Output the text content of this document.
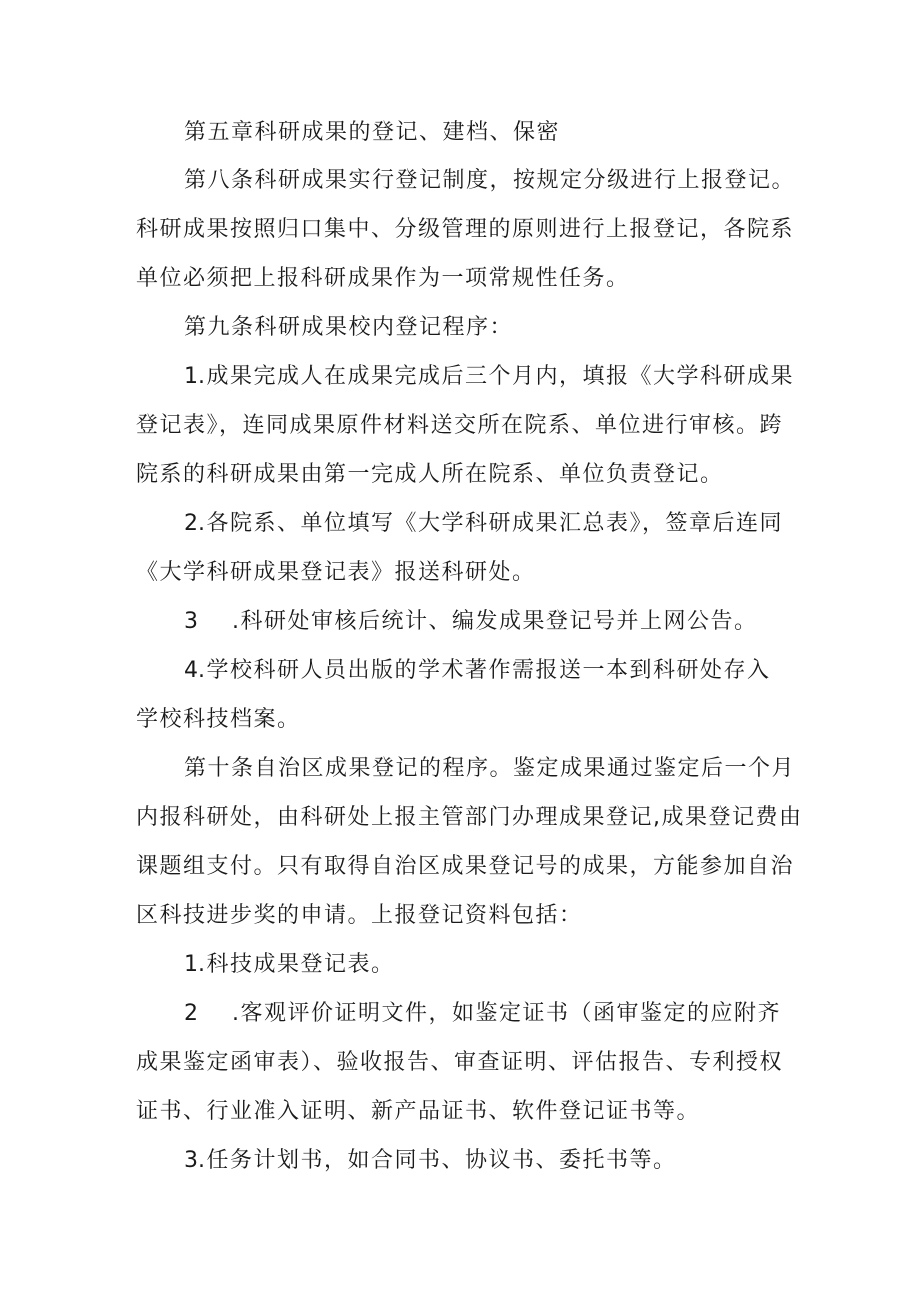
第五章科研成果的登记、建档、保密

第八条科研成果实行登记制度，按规定分级进行上报登记。

科研成果按照归口集中、分级管理的原则进行上报登记，各院系

单位必须把上报科研成果作为一项常规性任务。

第九条科研成果校内登记程序：

1.成果完成人在成果完成后三个月内，填报《大学科研成果

登记表》，连同成果原件材料送交所在院系、单位进行审核。跨

院系的科研成果由第一完成人所在院系、单位负责登记。

2.各院系、单位填写《大学科研成果汇总表》，签章后连同

《大学科研成果登记表》报送科研处。

3 .科研处审核后统计、编发成果登记号并上网公告。

4.学校科研人员出版的学术著作需报送一本到科研处存入

学校科技档案。

第十条自治区成果登记的程序。鉴定成果通过鉴定后一个月

内报科研处，由科研处上报主管部门办理成果登记,成果登记费由

课题组支付。只有取得自治区成果登记号的成果，方能参加自治

区科技进步奖的申请。上报登记资料包括：

1.科技成果登记表。

2 .客观评价证明文件，如鉴定证书（函审鉴定的应附齐

成果鉴定函审表）、验收报告、审查证明、评估报告、专利授权

证书、行业准入证明、新产品证书、软件登记证书等。

3.任务计划书，如合同书、协议书、委托书等。
